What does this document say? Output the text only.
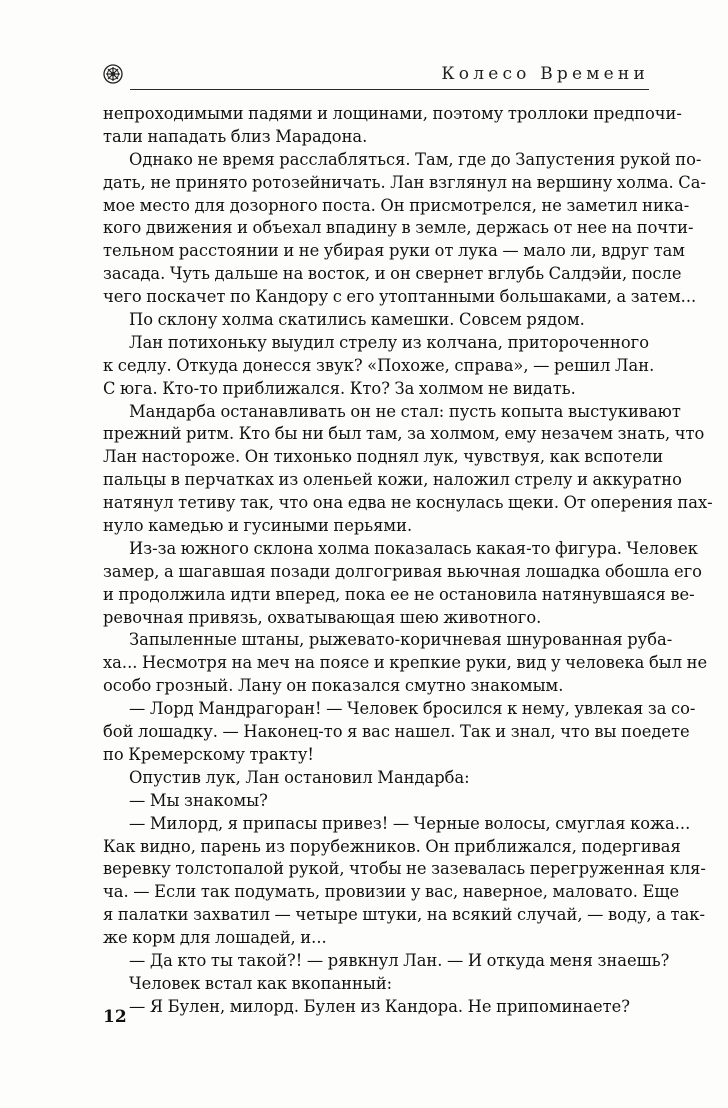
Колесо Времени
непроходимыми падями и лощинами, поэтому троллоки предпочи-
тали нападать близ Марадона.
Однако не время расслабляться. Там, где до Запустения рукой по-
дать, не принято ротозейничать. Лан взглянул на вершину холма. Са-
мое место для дозорного поста. Он присмотрелся, не заметил ника-
кого движения и объехал впадину в земле, держась от нее на почти-
тельном расстоянии и не убирая руки от лука — мало ли, вдруг там
засада. Чуть дальше на восток, и он свернет вглубь Салдэйи, после
чего поскачет по Кандору с его утоптанными большаками, а затем...
По склону холма скатились камешки. Совсем рядом.
Лан потихоньку выудил стрелу из колчана, притороченного
к седлу. Откуда донесся звук? «Похоже, справа», — решил Лан.
С юга. Кто-то приближался. Кто? За холмом не видать.
Мандарба останавливать он не стал: пусть копыта выстукивают
прежний ритм. Кто бы ни был там, за холмом, ему незачем знать, что
Лан настороже. Он тихонько поднял лук, чувствуя, как вспотели
пальцы в перчатках из оленьей кожи, наложил стрелу и аккуратно
натянул тетиву так, что она едва не коснулась щеки. От оперения пах-
нуло камедью и гусиными перьями.
Из-за южного склона холма показалась какая-то фигура. Человек
замер, а шагавшая позади долгогривая вьючная лошадка обошла его
и продолжила идти вперед, пока ее не остановила натянувшаяся ве-
ревочная привязь, охватывающая шею животного.
Запыленные штаны, рыжевато-коричневая шнурованная руба-
ха... Несмотря на меч на поясе и крепкие руки, вид у человека был не
особо грозный. Лану он показался смутно знакомым.
— Лорд Мандрагоран! — Человек бросился к нему, увлекая за со-
бой лошадку. — Наконец-то я вас нашел. Так и знал, что вы поедете
по Кремерскому тракту!
Опустив лук, Лан остановил Мандарба:
— Мы знакомы?
— Милорд, я припасы привез! — Черные волосы, смуглая кожа...
Как видно, парень из порубежников. Он приближался, подергивая
веревку толстопалой рукой, чтобы не зазевалась перегруженная кля-
ча. — Если так подумать, провизии у вас, наверное, маловато. Еще
я палатки захватил — четыре штуки, на всякий случай, — воду, а так-
же корм для лошадей, и...
— Да кто ты такой?! — рявкнул Лан. — И откуда меня знаешь?
Человек встал как вкопанный:
— Я Булен, милорд. Булен из Кандора. Не припоминаете?
12
